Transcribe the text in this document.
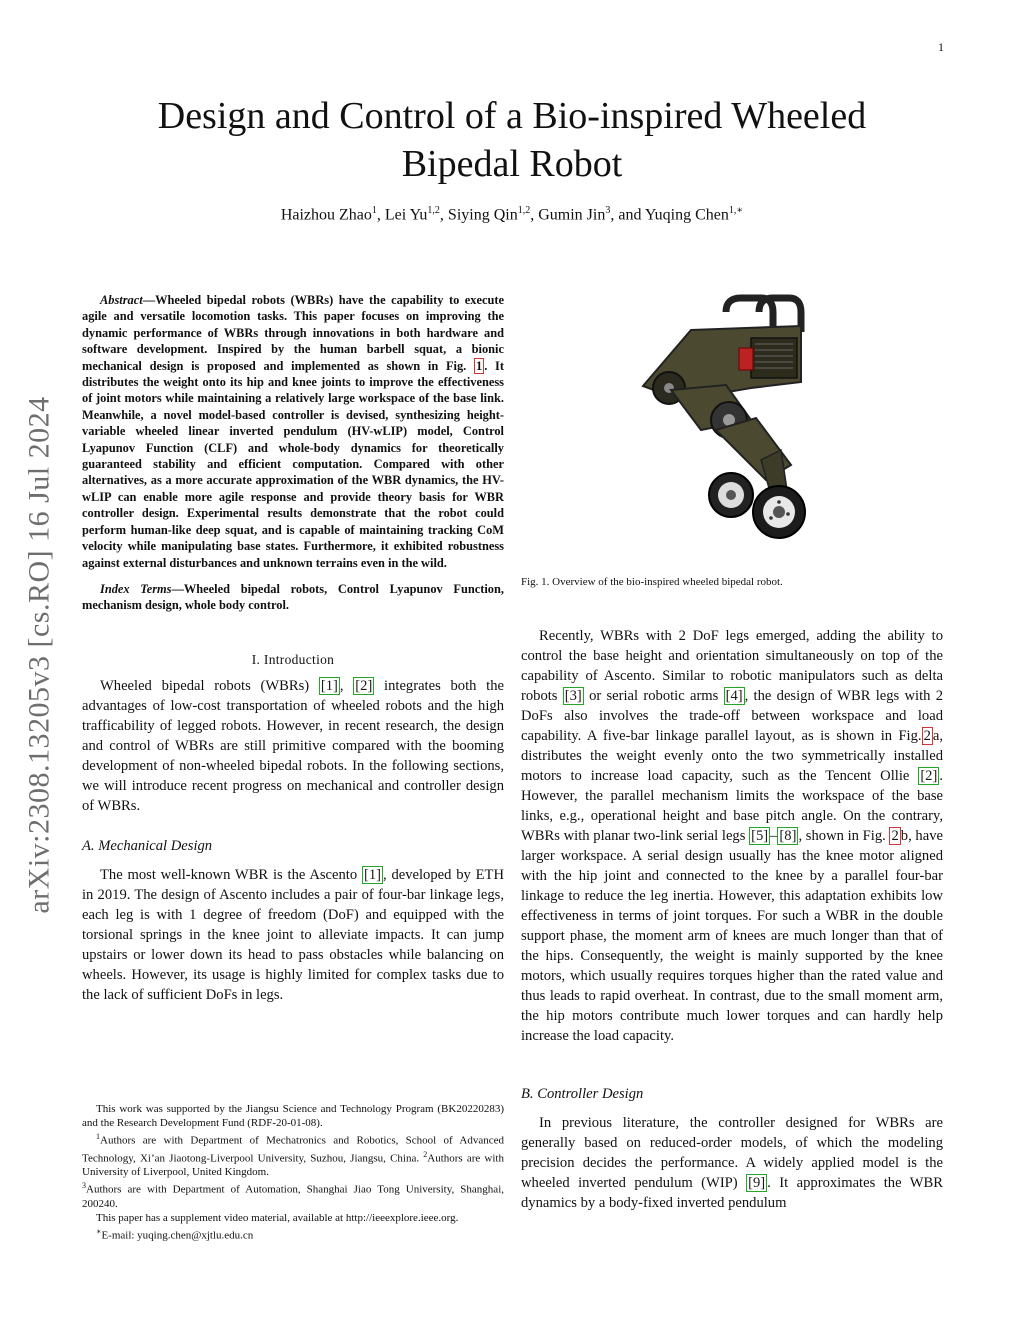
1
arXiv:2308.13205v3 [cs.RO] 16 Jul 2024
Design and Control of a Bio-inspired Wheeled
Bipedal Robot
Haizhou Zhao$^1$, Lei Yu$^{1,2}$, Siying Qin$^{1,2}$, Gumin Jin$^3$, and Yuqing Chen$^{1,∗}$

Abstract—Wheeled bipedal robots (WBRs) have the capability to execute agile and versatile locomotion tasks. This paper focuses on improving the dynamic performance of WBRs through innovations in both hardware and software development. Inspired by the human barbell squat, a bionic mechanical design is proposed and implemented as shown in Fig. 1 . It distributes the weight onto its hip and knee joints to improve the effectiveness of joint motors while maintaining a relatively large workspace of the base link. Meanwhile, a novel model-based controller is devised, synthesizing height-variable wheeled linear inverted pendulum (HV-wLIP) model, Control Lyapunov Function (CLF) and whole-body dynamics for theoretically guaranteed stability and efficient computation. Compared with other alternatives, as a more accurate approximation of the WBR dynamics, the HV-wLIP can enable more agile response and provide theory basis for WBR controller design. Experimental results demonstrate that the robot could perform human-like deep squat, and is capable of maintaining tracking CoM velocity while manipulating base states. Furthermore, it exhibited robustness against external disturbances and unknown terrains even in the wild.

Index Terms—Wheeled bipedal robots, Control Lyapunov Function, mechanism design, whole body control.

I. Introduction

Wheeled bipedal robots (WBRs) [1] , [2] integrates both the advantages of low-cost transportation of wheeled robots and the high trafficability of legged robots. However, in recent research, the design and control of WBRs are still primitive compared with the booming development of non-wheeled bipedal robots. In the following sections, we will introduce recent progress on mechanical and controller design of WBRs.

A. Mechanical Design

The most well-known WBR is the Ascento [1] , developed by ETH in 2019. The design of Ascento includes a pair of four-bar linkage legs, each leg is with 1 degree of freedom (DoF) and equipped with the torsional springs in the knee joint to alleviate impacts. It can jump upstairs or lower down its head to pass obstacles while balancing on wheels. However, its usage is highly limited for complex tasks due to the lack of sufficient DoFs in legs.

This work was supported by the Jiangsu Science and Technology Program (BK20220283) and the Research Development Fund (RDF-20-01-08).

$^1$Authors are with Department of Mechatronics and Robotics, School of Advanced Technology, Xi’an Jiaotong-Liverpool University, Suzhou, Jiangsu, China. $^2$Authors are with University of Liverpool, United Kingdom.
$^3$Authors are with Department of Automation, Shanghai Jiao Tong University, Shanghai, 200240.

This paper has a supplement video material, available at http://ieeexplore.ieee.org.

∗E-mail: yuqing.chen@xjtlu.edu.cn

Fig. 1. Overview of the bio-inspired wheeled bipedal robot.

Recently, WBRs with 2 DoF legs emerged, adding the ability to control the base height and orientation simultaneously on top of the capability of Ascento. Similar to robotic manipulators such as delta robots [3] or serial robotic arms [4] , the design of WBR legs with 2 DoFs also involves the trade-off between workspace and load capability. A five-bar linkage parallel layout, as is shown in Fig. 2 a, distributes the weight evenly onto the two symmetrically installed motors to increase load capacity, such as the Tencent Ollie [2] . However, the parallel mechanism limits the workspace of the base links, e.g., operational height and base pitch angle. On the contrary, WBRs with planar two-link serial legs [5] – [8] , shown in Fig. 2 b, have larger workspace. A serial design usually has the knee motor aligned with the hip joint and connected to the knee by a parallel four-bar linkage to reduce the leg inertia. However, this adaptation exhibits low effectiveness in terms of joint torques. For such a WBR in the double support phase, the moment arm of knees are much longer than that of the hips. Consequently, the weight is mainly supported by the knee motors, which usually requires torques higher than the rated value and thus leads to rapid overheat. In contrast, due to the small moment arm, the hip motors contribute much lower torques and can hardly help increase the load capacity.

B. Controller Design

In previous literature, the controller designed for WBRs are generally based on reduced-order models, of which the modeling precision decides the performance. A widely applied model is the wheeled inverted pendulum (WIP) [9] . It approximates the WBR dynamics by a body-fixed inverted pendulum
